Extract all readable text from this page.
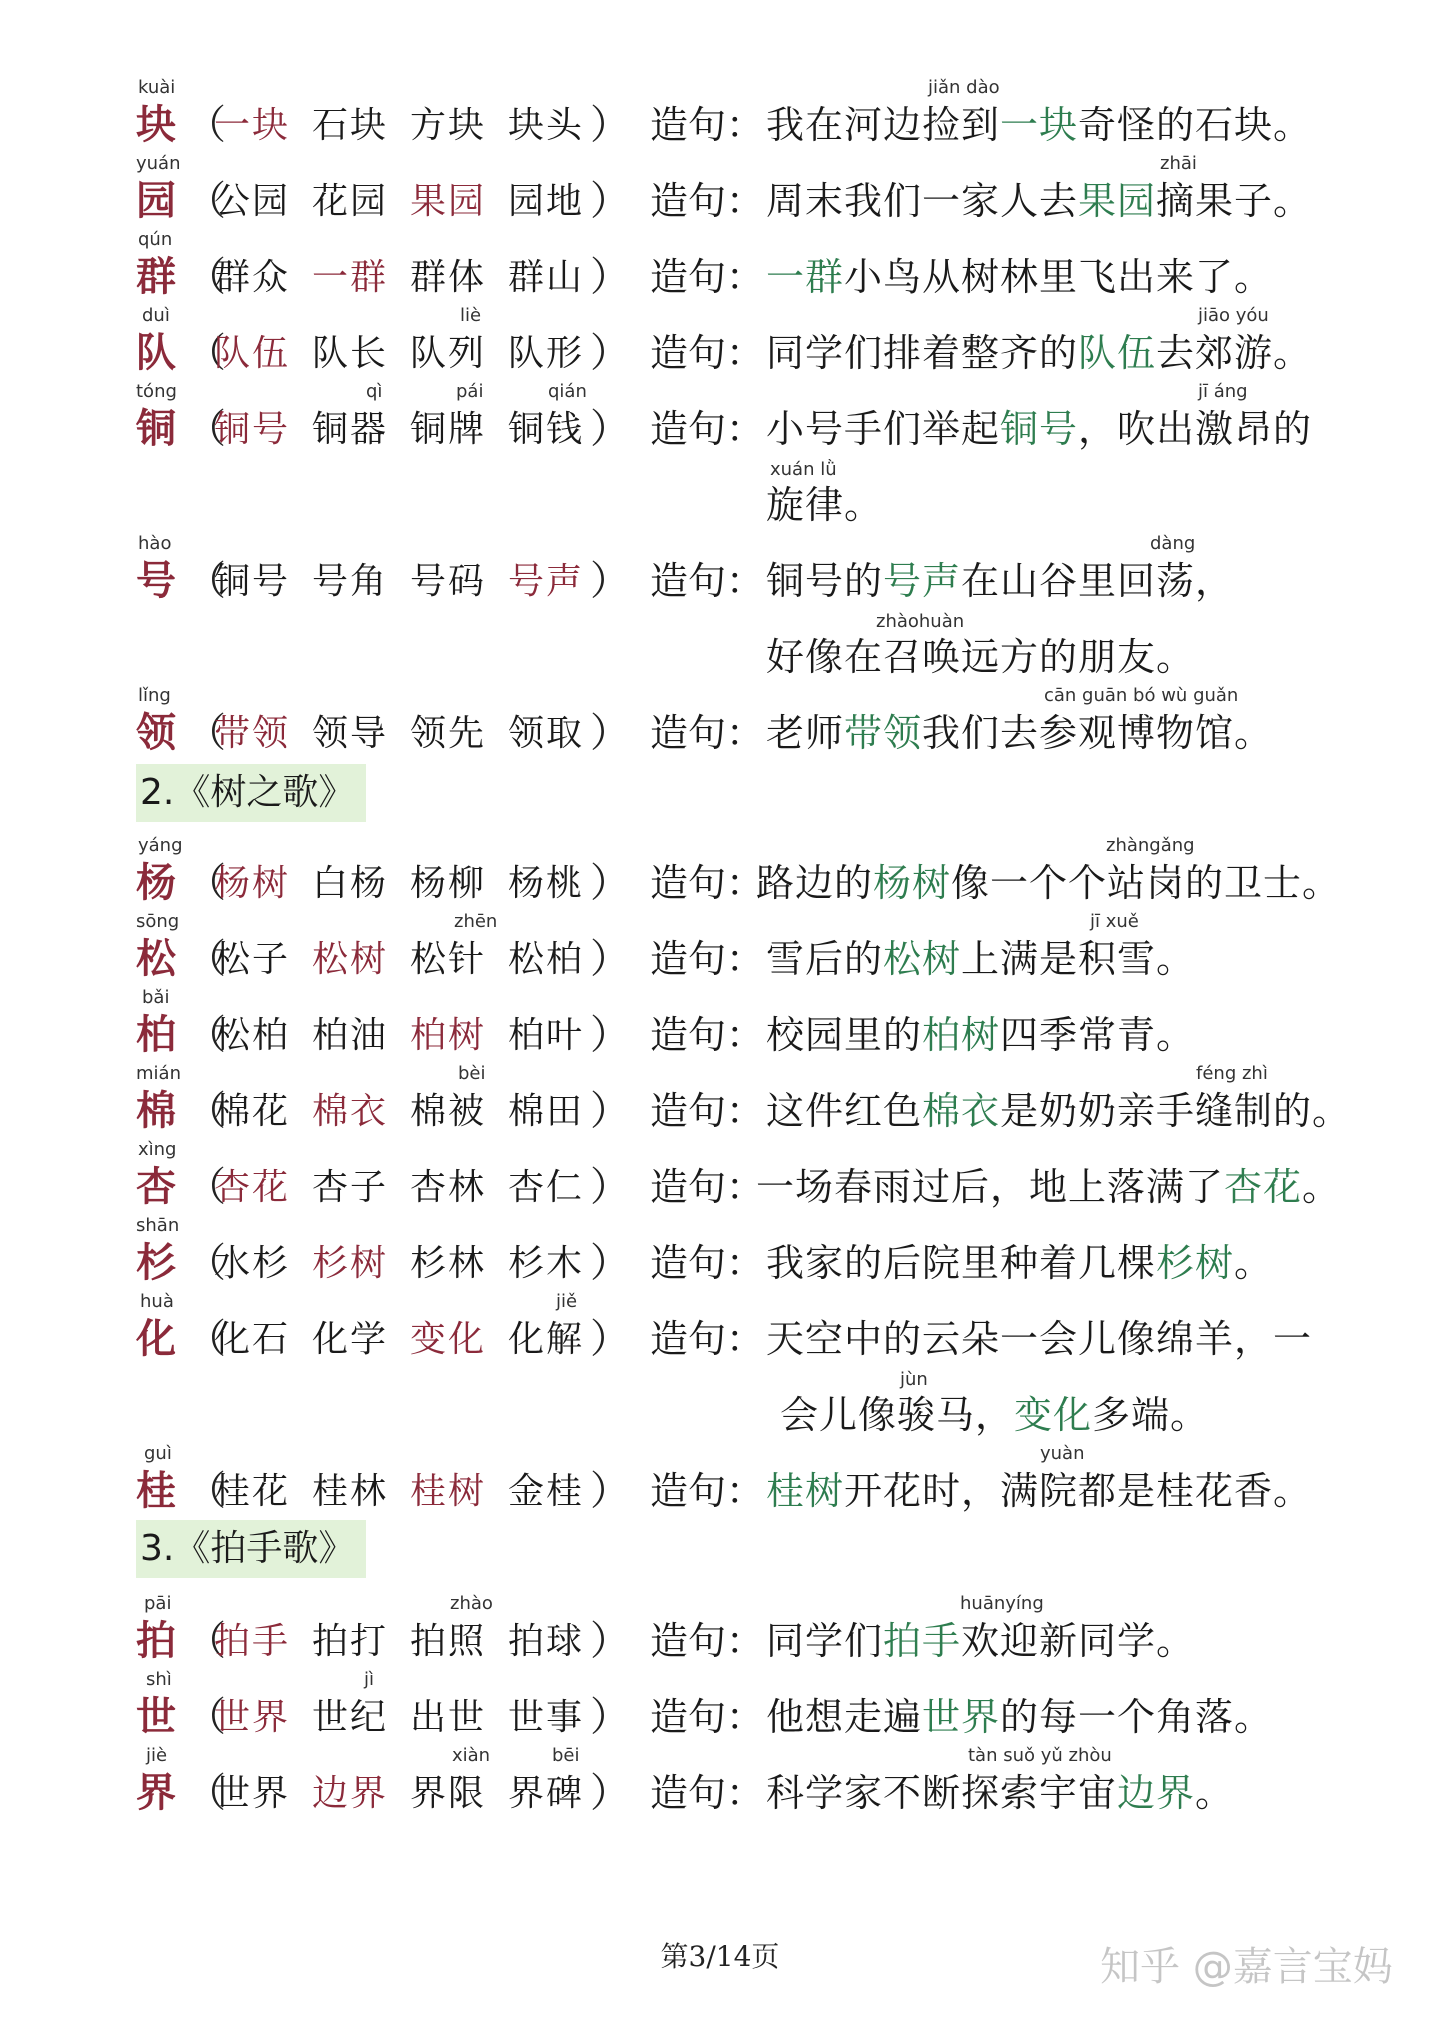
kuài
块 （
一块 石块 方块 块头 ） 造句：
jiǎn dào
我在河边捡到一块奇怪的石块。
yuán
园 （
公园 花园 果园 园地 ） 造句：
zhāi
周末我们一家人去果园摘果子。
qún
群 （
群众 一群 群体 群山 ） 造句： 一群小鸟从树林里飞出来了。
duì
队 （
队伍 队长
liè
队列 队形 ） 造句：
jiāo yóu
同学们排着整齐的队伍去郊游。
tóng
铜 （
铜号
qì
铜器
pái
铜牌
qián
铜钱 ） 造句：
jī áng
小号手们举起铜号，吹出激昂的
xuán lǜ
旋律。
hào
号 （
铜号 号角 号码 号声 ） 造句：
dàng
铜号的号声在山谷里回荡，
zhàohuàn
好像在召唤远方的朋友。
lǐng
领 （
带领 领导 领先 领取 ） 造句：
cān guān bó wù guǎn
老师带领我们去参观博物馆。
2.《树之歌》
yáng
杨 （
杨树 白杨 杨柳 杨桃 ） 造句：
zhàngǎng
路边的杨树像一个个站岗的卫士。
sōng
松 （
松子 松树
zhēn
松针 松柏 ） 造句：
jī xuě
雪后的松树上满是积雪。
bǎi
柏 （
松柏 柏油 柏树 柏叶 ） 造句： 校园里的柏树四季常青。
mián
棉 （
棉花 棉衣
bèi
棉被 棉田 ） 造句：
féng zhì
这件红色棉衣是奶奶亲手缝制的。
xìng
杏 （
杏花 杏子 杏林 杏仁 ） 造句：
一场春雨过后，地上落满了杏花。
shān
杉 （
水杉 杉树 杉林 杉木 ） 造句： 我家的后院里种着几棵杉树。
huà
化 （
化石 化学 变化
jiě
化解 ） 造句： 天空中的云朵一会儿像绵羊，一
jùn
会儿像骏马，变化多端。
guì
桂 （
桂花 桂林 桂树 金桂 ） 造句：
yuàn
桂树开花时，满院都是桂花香。
3.《拍手歌》
pāi
拍 （
拍手 拍打
zhào
拍照 拍球 ） 造句：
huānyíng
同学们拍手欢迎新同学。
shì
世 （
世界
jì
世纪 出世 世事 ） 造句： 他想走遍世界的每一个角落。
jiè
界 （
世界 边界
xiàn
界限
bēi
界碑 ） 造句：
tàn suǒ yǔ zhòu
科学家不断探索宇宙边界。
第3/14页	知乎 @嘉言宝妈
